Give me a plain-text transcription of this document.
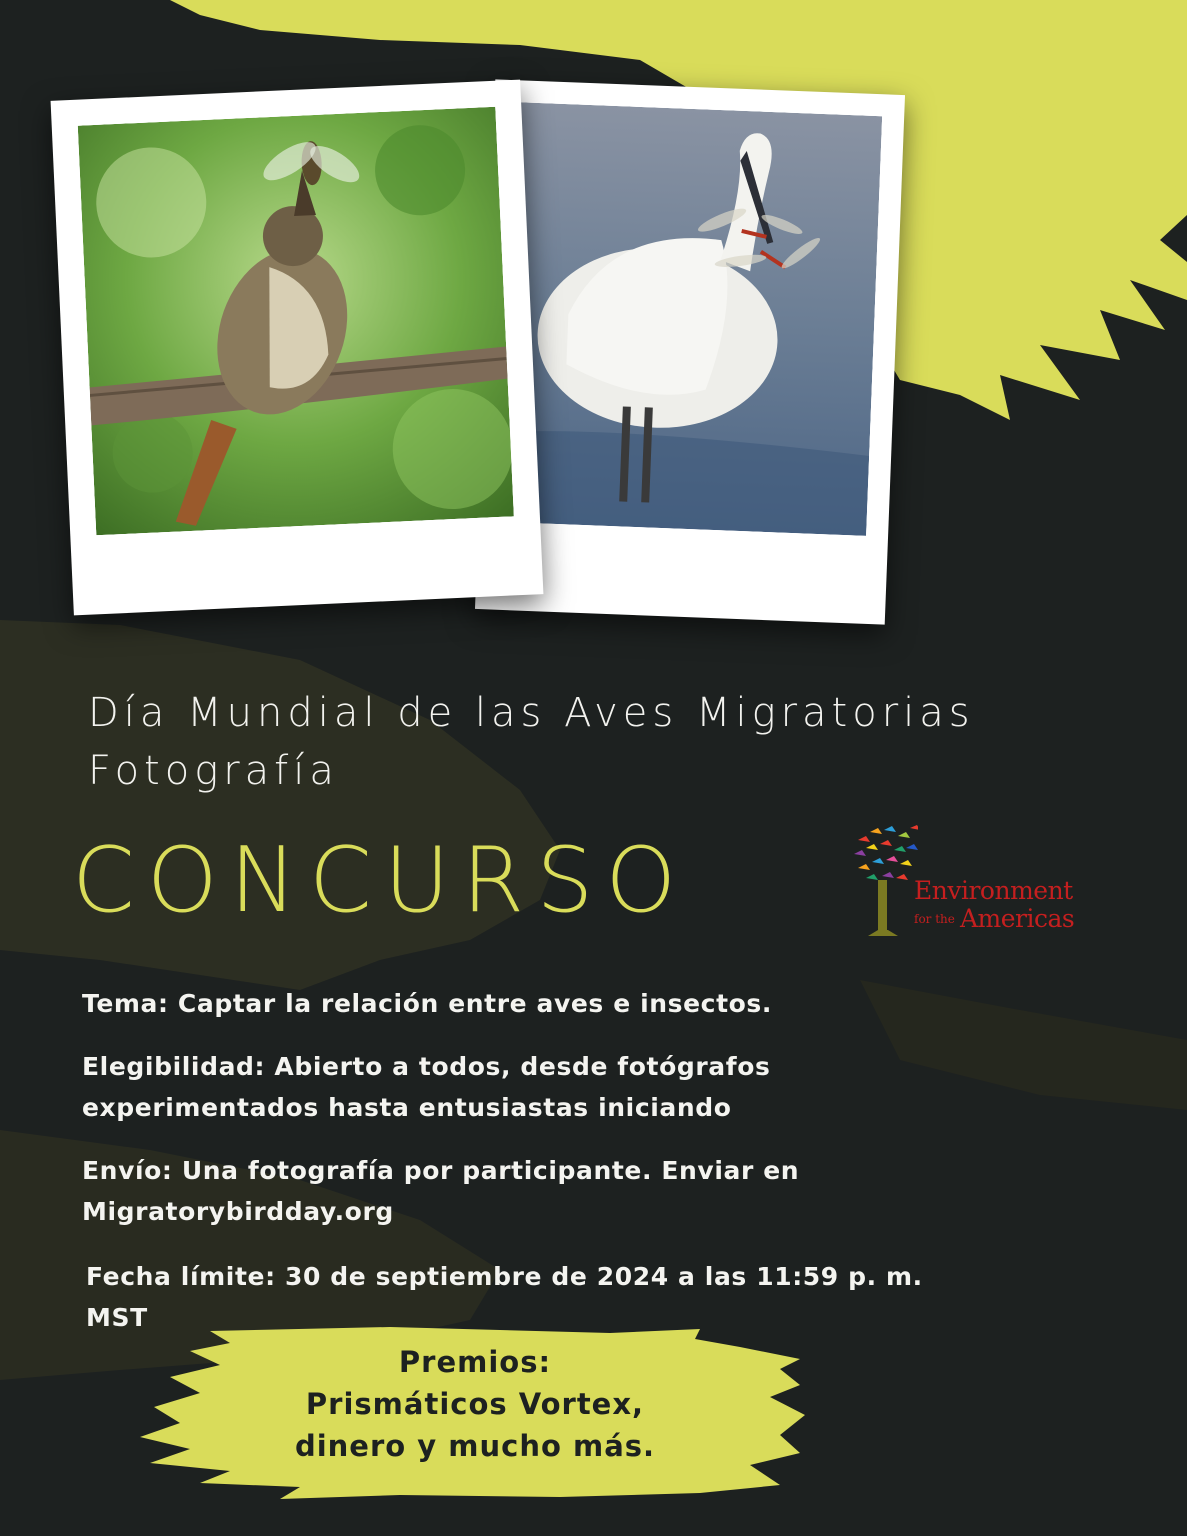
Día Mundial de las Aves Migratorias
Fotografía
CONCURSO	Environment
for the Americas
Tema: Captar la relación entre aves e insectos.
Elegibilidad: Abierto a todos, desde fotógrafos
experimentados hasta entusiastas iniciando
Envío: Una fotografía por participante. Enviar en
Migratorybirdday.org
Fecha límite: 30 de septiembre de 2024 a las 11:59 p. m.
MST
Premios:
Prismáticos Vortex,
dinero y mucho más.
